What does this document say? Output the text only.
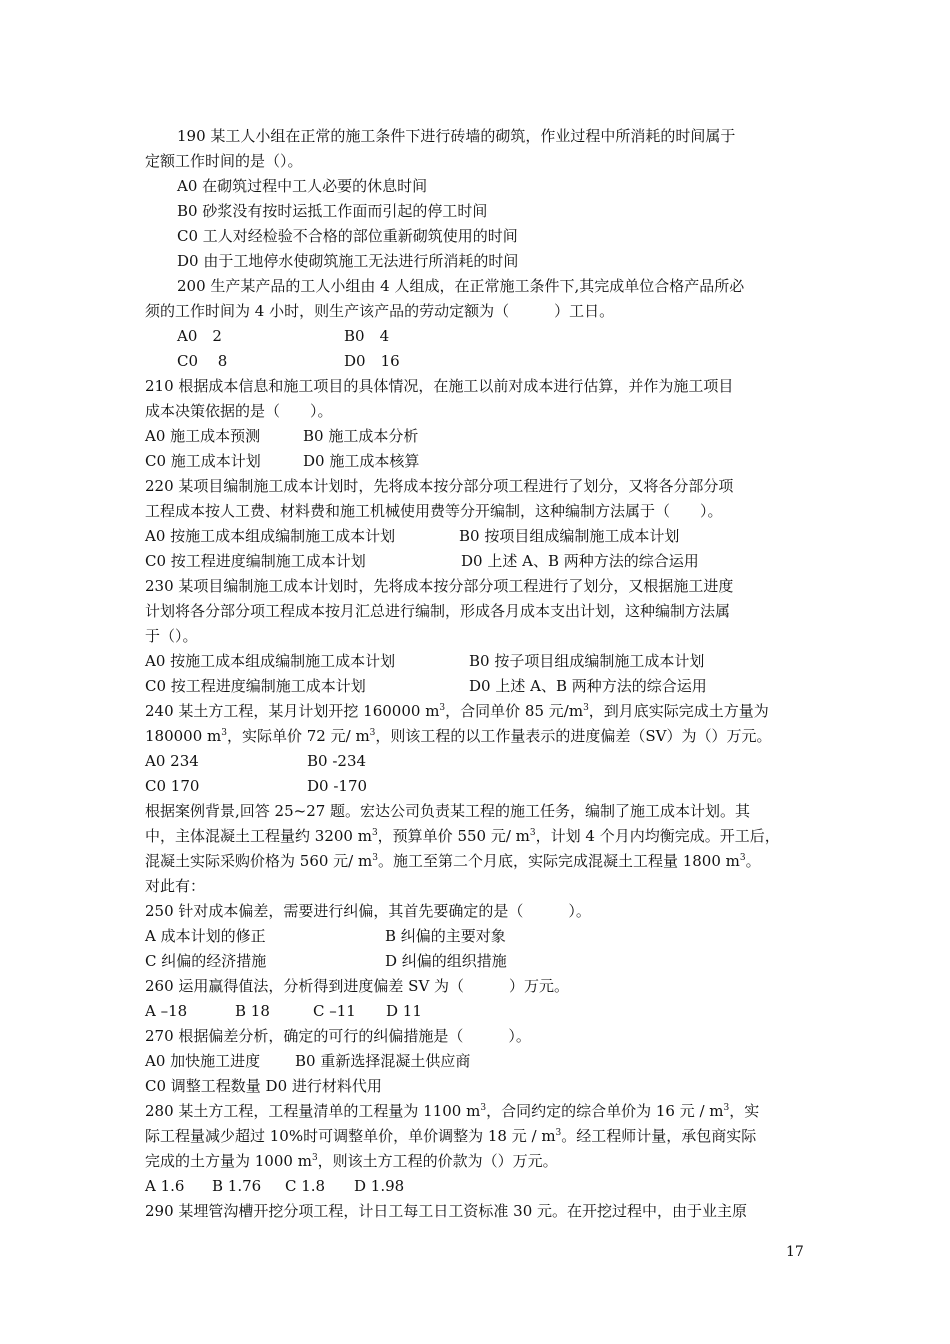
190 某工人小组在正常的施工条件下进行砖墙的砌筑，作业过程中所消耗的时间属于
定额工作时间的是（）。
A0 在砌筑过程中工人必要的休息时间
B0 砂浆没有按时运抵工作面而引起的停工时间
C0 工人对经检验不合格的部位重新砌筑使用的时间
D0 由于工地停水使砌筑施工无法进行所消耗的时间
200 生产某产品的工人小组由 4 人组成，在正常施工条件下,其完成单位合格产品所必
须的工作时间为 4 小时，则生产该产品的劳动定额为（　　　）工日。
A0　2	B0　4
C0　 8	D0　16
210 根据成本信息和施工项目的具体情况，在施工以前对成本进行估算，并作为施工项目
成本决策依据的是（　　）。
A0 施工成本预测	B0 施工成本分析
C0 施工成本计划	D0 施工成本核算
220 某项目编制施工成本计划时，先将成本按分部分项工程进行了划分，又将各分部分项
工程成本按人工费、材料费和施工机械使用费等分开编制，这种编制方法属于（　　）。
A0 按施工成本组成编制施工成本计划	B0 按项目组成编制施工成本计划
C0 按工程进度编制施工成本计划	D0 上述 A、B 两种方法的综合运用
230 某项目编制施工成本计划时，先将成本按分部分项工程进行了划分，又根据施工进度
计划将各分部分项工程成本按月汇总进行编制，形成各月成本支出计划，这种编制方法属
于（）。
A0 按施工成本组成编制施工成本计划	B0 按子项目组成编制施工成本计划
C0 按工程进度编制施工成本计划	D0 上述 A、B 两种方法的综合运用
240 某土方工程，某月计划开挖 160000 $m^3$，合同单价 85 元$/m^3$，到月底实际完成土方量为
180000 $m^3$，实际单价 72 元/ $m^3$，则该工程的以工作量表示的进度偏差（SV）为（）万元。
A0 234	B0 -234
C0 170	D0 -170
根据案例背景,回答 25~27 题。宏达公司负责某工程的施工任务，编制了施工成本计划。其
中，主体混凝土工程量约 3200 $m^3$，预算单价 550 元/ $m^3$，计划 4 个月内均衡完成。开工后，
混凝土实际采购价格为 560 元/ $m^3$。施工至第二个月底，实际完成混凝土工程量 1800 $m^3$。
对此有：
250 针对成本偏差，需要进行纠偏，其首先要确定的是（　　　）。
A 成本计划的修正	B 纠偏的主要对象
C 纠偏的经济措施	D 纠偏的组织措施
260 运用赢得值法，分析得到进度偏差 SV 为（　　　）万元。
A –18	B 18	C –11 D 11
270 根据偏差分析，确定的可行的纠偏措施是（　　　）。
A0 加快施工进度 B0 重新选择混凝土供应商
C0 调整工程数量 D0 进行材料代用
280 某土方工程，工程量清单的工程量为 1100 $m^3$，合同约定的综合单价为 16 元 / $m^3$，实
际工程量减少超过 10%时可调整单价，单价调整为 18 元 / $m^3$。经工程师计量，承包商实际
完成的土方量为 1000 $m^3$，则该土方工程的价款为（）万元。
A 1.6 B 1.76 C 1.8 D 1.98
290 某埋管沟槽开挖分项工程，计日工每工日工资标准 30 元。在开挖过程中，由于业主原
17
